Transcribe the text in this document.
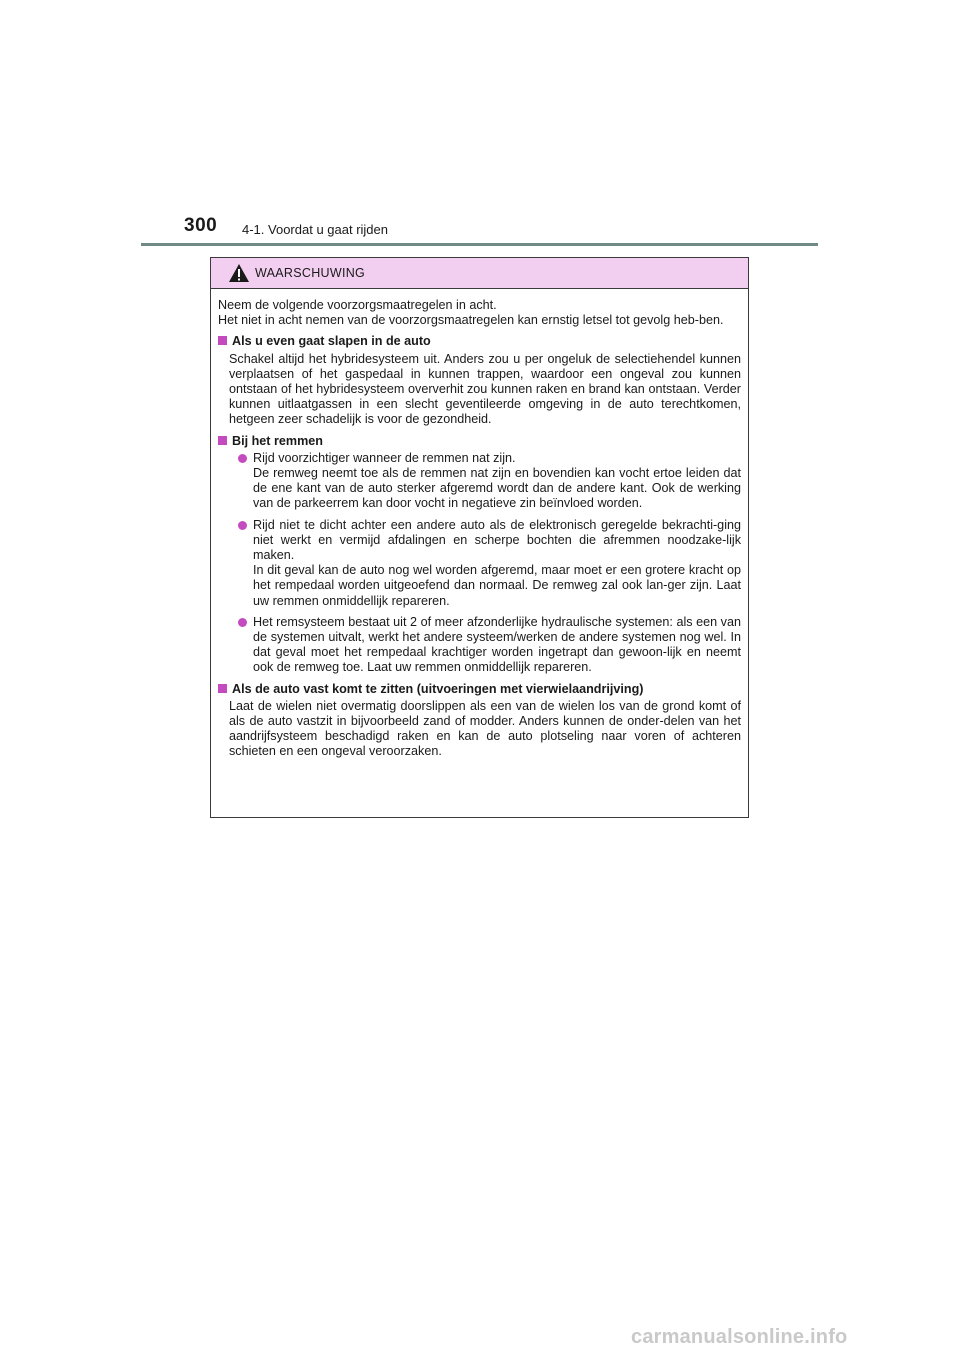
300 4-1. Voordat u gaat rijden
WAARSCHUWING

Neem de volgende voorzorgsmaatregelen in acht.

Het niet in acht nemen van de voorzorgsmaatregelen kan ernstig letsel tot gevolg heb-ben.

Als u even gaat slapen in de auto
Schakel altijd het hybridesysteem uit. Anders zou u per ongeluk de selectiehendel kunnen verplaatsen of het gaspedaal in kunnen trappen, waardoor een ongeval zou kunnen ontstaan of het hybridesysteem oververhit zou kunnen raken en brand kan ontstaan. Verder kunnen uitlaatgassen in een slecht geventileerde omgeving in de auto terechtkomen, hetgeen zeer schadelijk is voor de gezondheid.
Bij het remmen

Rijd voorzichtiger wanneer de remmen nat zijn.

De remweg neemt toe als de remmen nat zijn en bovendien kan vocht ertoe leiden dat de ene kant van de auto sterker afgeremd wordt dan de andere kant. Ook de werking van de parkeerrem kan door vocht in negatieve zin beïnvloed worden.

Rijd niet te dicht achter een andere auto als de elektronisch geregelde bekrachti-ging niet werkt en vermijd afdalingen en scherpe bochten die afremmen noodzake-lijk maken.

In dit geval kan de auto nog wel worden afgeremd, maar moet er een grotere kracht op het rempedaal worden uitgeoefend dan normaal. De remweg zal ook lan-ger zijn. Laat uw remmen onmiddellijk repareren.

Het remsysteem bestaat uit 2 of meer afzonderlijke hydraulische systemen: als een van de systemen uitvalt, werkt het andere systeem/werken de andere systemen nog wel. In dat geval moet het rempedaal krachtiger worden ingetrapt dan gewoon-lijk en neemt ook de remweg toe. Laat uw remmen onmiddellijk repareren.

Als de auto vast komt te zitten (uitvoeringen met vierwielaandrijving)
Laat de wielen niet overmatig doorslippen als een van de wielen los van de grond komt of als de auto vastzit in bijvoorbeeld zand of modder. Anders kunnen de onder-delen van het aandrijfsysteem beschadigd raken en kan de auto plotseling naar voren of achteren schieten en een ongeval veroorzaken.
carmanualsonline.info
